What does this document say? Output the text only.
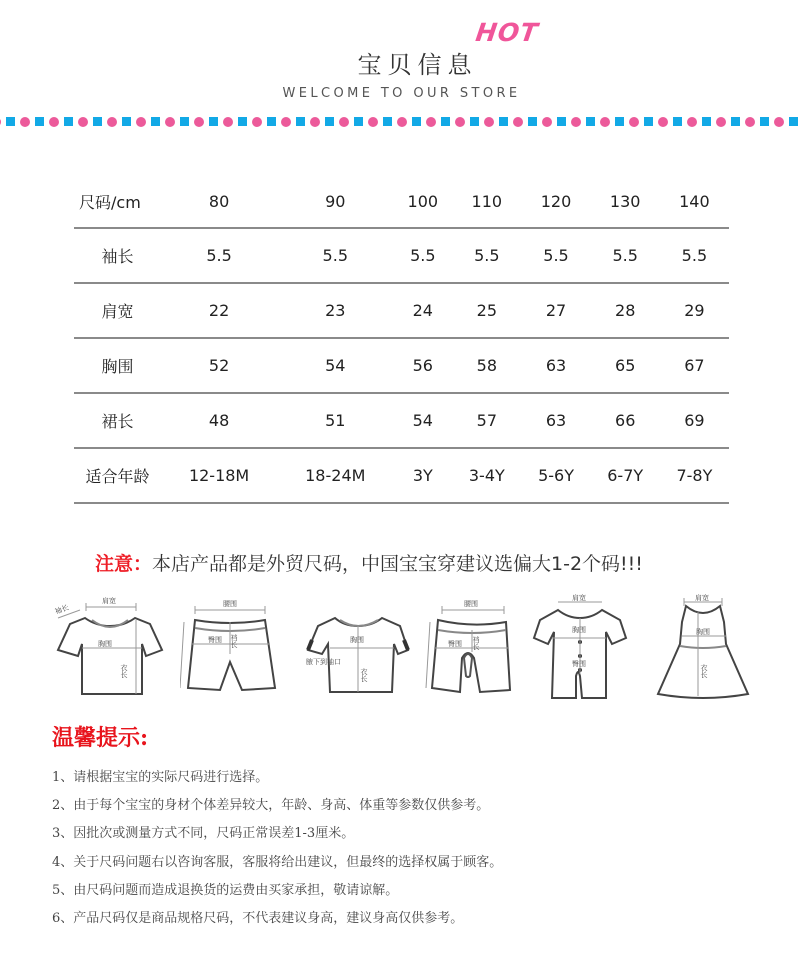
HOT
宝贝信息
WELCOME TO OUR STORE
尺码/cm	80	90	100	110	120	130	140
袖长	5.5	5.5	5.5	5.5	5.5	5.5	5.5
肩宽	22	23	24	25	27	28	29
胸围	52	54	56	58	63	65	67
裙长	48	51	54	57	63	66	69
适合年龄	12-18M	18-24M	3Y	3-4Y	5-6Y	6-7Y	7-8Y
注意：本店产品都是外贸尺码，中国宝宝穿建议选偏大1-2个码!!!
肩宽
袖长
胸围
衣长
腰围
臀围 裆长	胸围
腋下到袖口
衣长
腰围
臀围 裆长
肩宽
胸围
臀围
肩宽
胸围
衣长
温馨提示:
1、请根据宝宝的实际尺码进行选择。
2、由于每个宝宝的身材个体差异较大，年龄、身高、体重等参数仅供参考。
3、因批次或测量方式不同，尺码正常误差1-3厘米。
4、关于尺码问题右以咨询客服，客服将给出建议，但最终的选择权属于顾客。
5、由尺码问题而造成退换货的运费由买家承担，敬请谅解。
6、产品尺码仅是商品规格尺码，不代表建议身高，建议身高仅供参考。
